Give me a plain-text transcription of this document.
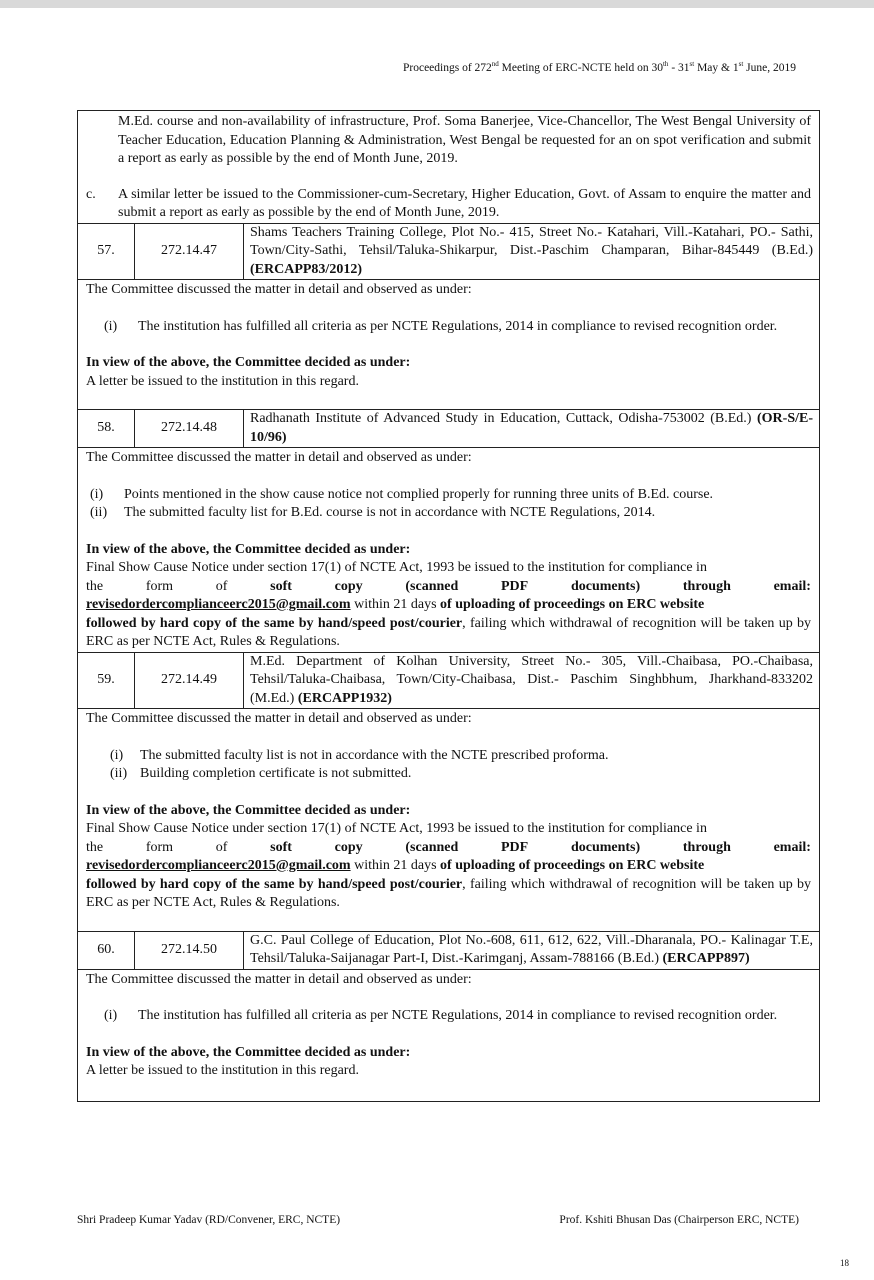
Proceedings of 272nd Meeting of ERC-NCTE held on 30th - 31st May & 1st June, 2019

M.Ed. course and non-availability of infrastructure, Prof. Soma Banerjee, Vice-Chancellor, The West Bengal University of Teacher Education, Education Planning & Administration, West Bengal be requested for an on spot verification and submit a report as early as possible by the end of Month June, 2019.

c.	A similar letter be issued to the Commissioner-cum-Secretary, Higher Education, Govt. of Assam to enquire the matter and submit a report as early as possible by the end of Month June, 2019.
57.	272.14.47
Shams Teachers Training College, Plot No.- 415, Street No.- Katahari, Vill.-Katahari, PO.- Sathi, Town/City-Sathi, Tehsil/Taluka-Shikarpur, Dist.-Paschim Champaran, Bihar-845449 (B.Ed.) (ERCAPP83/2012)

The Committee discussed the matter in detail and observed as under:

(i)	The institution has fulfilled all criteria as per NCTE Regulations, 2014 in compliance to revised recognition order.

In view of the above, the Committee decided as under:

A letter be issued to the institution in this regard.

58.	272.14.48
Radhanath Institute of Advanced Study in Education, Cuttack, Odisha-753002 (B.Ed.) (OR-S/E-10/96)

The Committee discussed the matter in detail and observed as under:

(i)	Points mentioned in the show cause notice not complied properly for running three units of B.Ed. course.
(ii)	The submitted faculty list for B.Ed. course is not in accordance with NCTE Regulations, 2014.

In view of the above, the Committee decided as under:

Final Show Cause Notice under section 17(1) of NCTE Act, 1993 be issued to the institution for compliance in

the	form	of	soft	copy	(scanned	PDF	documents)	through	email:

revisedordercomplianceerc2015@gmail.com within 21 days of uploading of proceedings on ERC website

followed by hard copy of the same by hand/speed post/courier, failing which withdrawal of recognition will be taken up by ERC as per NCTE Act, Rules & Regulations.

59.	272.14.49
M.Ed. Department of Kolhan University, Street No.- 305, Vill.-Chaibasa, PO.-Chaibasa, Tehsil/Taluka-Chaibasa, Town/City-Chaibasa, Dist.- Paschim Singhbhum, Jharkhand-833202 (M.Ed.) (ERCAPP1932)

The Committee discussed the matter in detail and observed as under:

(i)	The submitted faculty list is not in accordance with the NCTE prescribed proforma.
(ii) Building completion certificate is not submitted.

In view of the above, the Committee decided as under:

Final Show Cause Notice under section 17(1) of NCTE Act, 1993 be issued to the institution for compliance in

the	form	of	soft	copy	(scanned	PDF	documents)	through	email:

revisedordercomplianceerc2015@gmail.com within 21 days of uploading of proceedings on ERC website

followed by hard copy of the same by hand/speed post/courier, failing which withdrawal of recognition will be taken up by ERC as per NCTE Act, Rules & Regulations.

60.	272.14.50
G.C. Paul College of Education, Plot No.-608, 611, 612, 622, Vill.-Dharanala, PO.- Kalinagar T.E, Tehsil/Taluka-Saijanagar Part-I, Dist.-Karimganj, Assam-788166 (B.Ed.) (ERCAPP897)

The Committee discussed the matter in detail and observed as under:

(i)	The institution has fulfilled all criteria as per NCTE Regulations, 2014 in compliance to revised recognition order.

In view of the above, the Committee decided as under:

A letter be issued to the institution in this regard.

Shri Pradeep Kumar Yadav (RD/Convener, ERC, NCTE)	Prof. Kshiti Bhusan Das (Chairperson ERC, NCTE)
18
